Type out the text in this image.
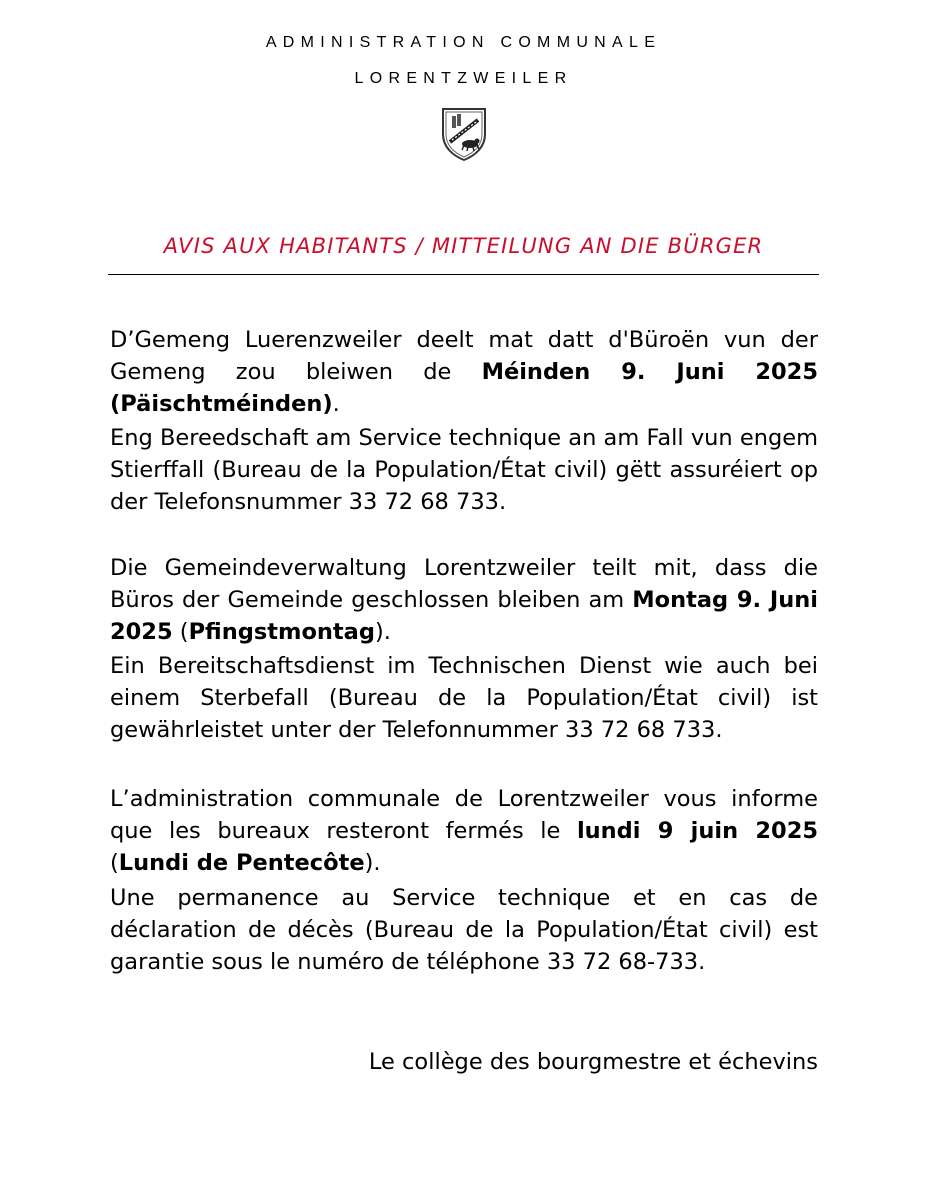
ADMINISTRATION COMMUNALE
LORENTZWEILER
AVIS AUX HABITANTS / MITTEILUNG AN DIE BÜRGER

D’Gemeng Luerenzweiler deelt mat datt d'Büroën vun der Gemeng zou bleiwen de Méinden 9. Juni 2025 (Päischtméinden).

Eng Bereedschaft am Service technique an am Fall vun engem Stierffall (Bureau de la Population/État civil) gëtt assuréiert op der Telefonsnummer 33 72 68 733.

Die Gemeindeverwaltung Lorentzweiler teilt mit, dass die Büros der Gemeinde geschlossen bleiben am Montag 9. Juni 2025 (Pfingstmontag).

Ein Bereitschaftsdienst im Technischen Dienst wie auch bei einem Sterbefall (Bureau de la Population/État civil) ist gewährleistet unter der Telefonnummer 33 72 68 733.

L’administration communale de Lorentzweiler vous informe que les bureaux resteront fermés le lundi 9 juin 2025 (Lundi de Pentecôte).

Une permanence au Service technique et en cas de déclaration de décès (Bureau de la Population/État civil) est garantie sous le numéro de téléphone 33 72 68-733.

Le collège des bourgmestre et échevins
